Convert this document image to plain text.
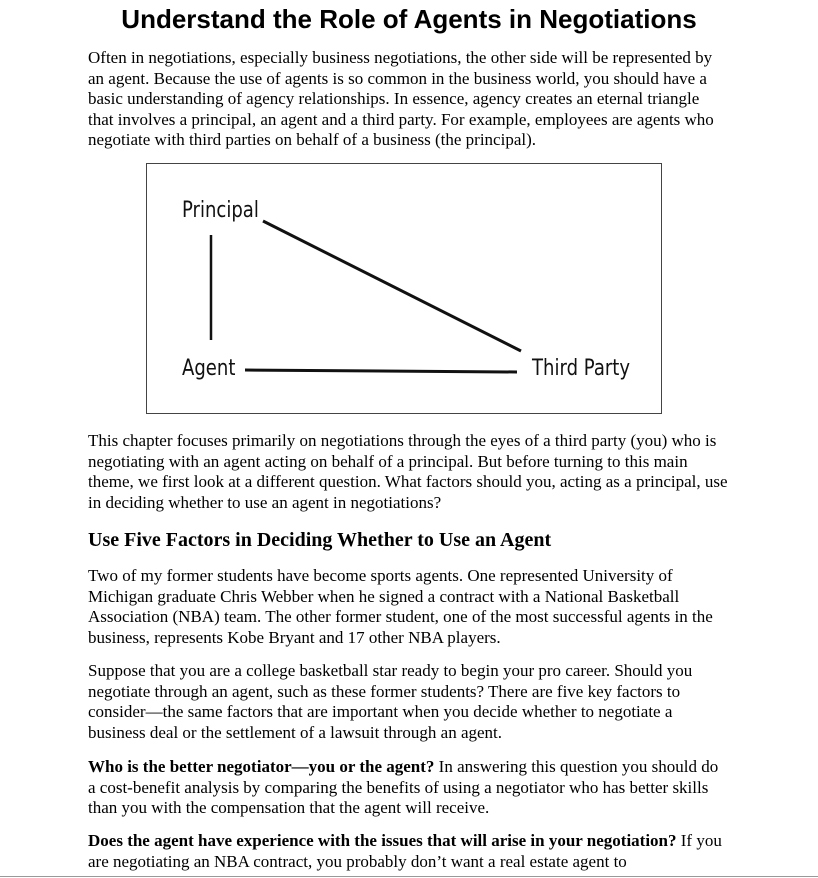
Understand the Role of Agents in Negotiations

Often in negotiations, especially business negotiations, the other side will be represented by an agent. Because the use of agents is so common in the business world, you should have a basic understanding of agency relationships. In essence, agency creates an eternal triangle that involves a principal, an agent and a third party. For example, employees are agents who negotiate with third parties on behalf of a business (the principal).

Principal
Agent	Third Party

This chapter focuses primarily on negotiations through the eyes of a third party (you) who is negotiating with an agent acting on behalf of a principal. But before turning to this main theme, we first look at a different question. What factors should you, acting as a principal, use in deciding whether to use an agent in negotiations?

Use Five Factors in Deciding Whether to Use an Agent

Two of my former students have become sports agents. One represented University of Michigan graduate Chris Webber when he signed a contract with a National Basketball Association (NBA) team. The other former student, one of the most successful agents in the business, represents Kobe Bryant and 17 other NBA players.

Suppose that you are a college basketball star ready to begin your pro career. Should you negotiate through an agent, such as these former students? There are five key factors to consider—the same factors that are important when you decide whether to negotiate a business deal or the settlement of a lawsuit through an agent.

Who is the better negotiator—you or the agent? In answering this question you should do a cost-benefit analysis by comparing the benefits of using a negotiator who has better skills than you with the compensation that the agent will receive.

Does the agent have experience with the issues that will arise in your negotiation? If you are negotiating an NBA contract, you probably don’t want a real estate agent to
